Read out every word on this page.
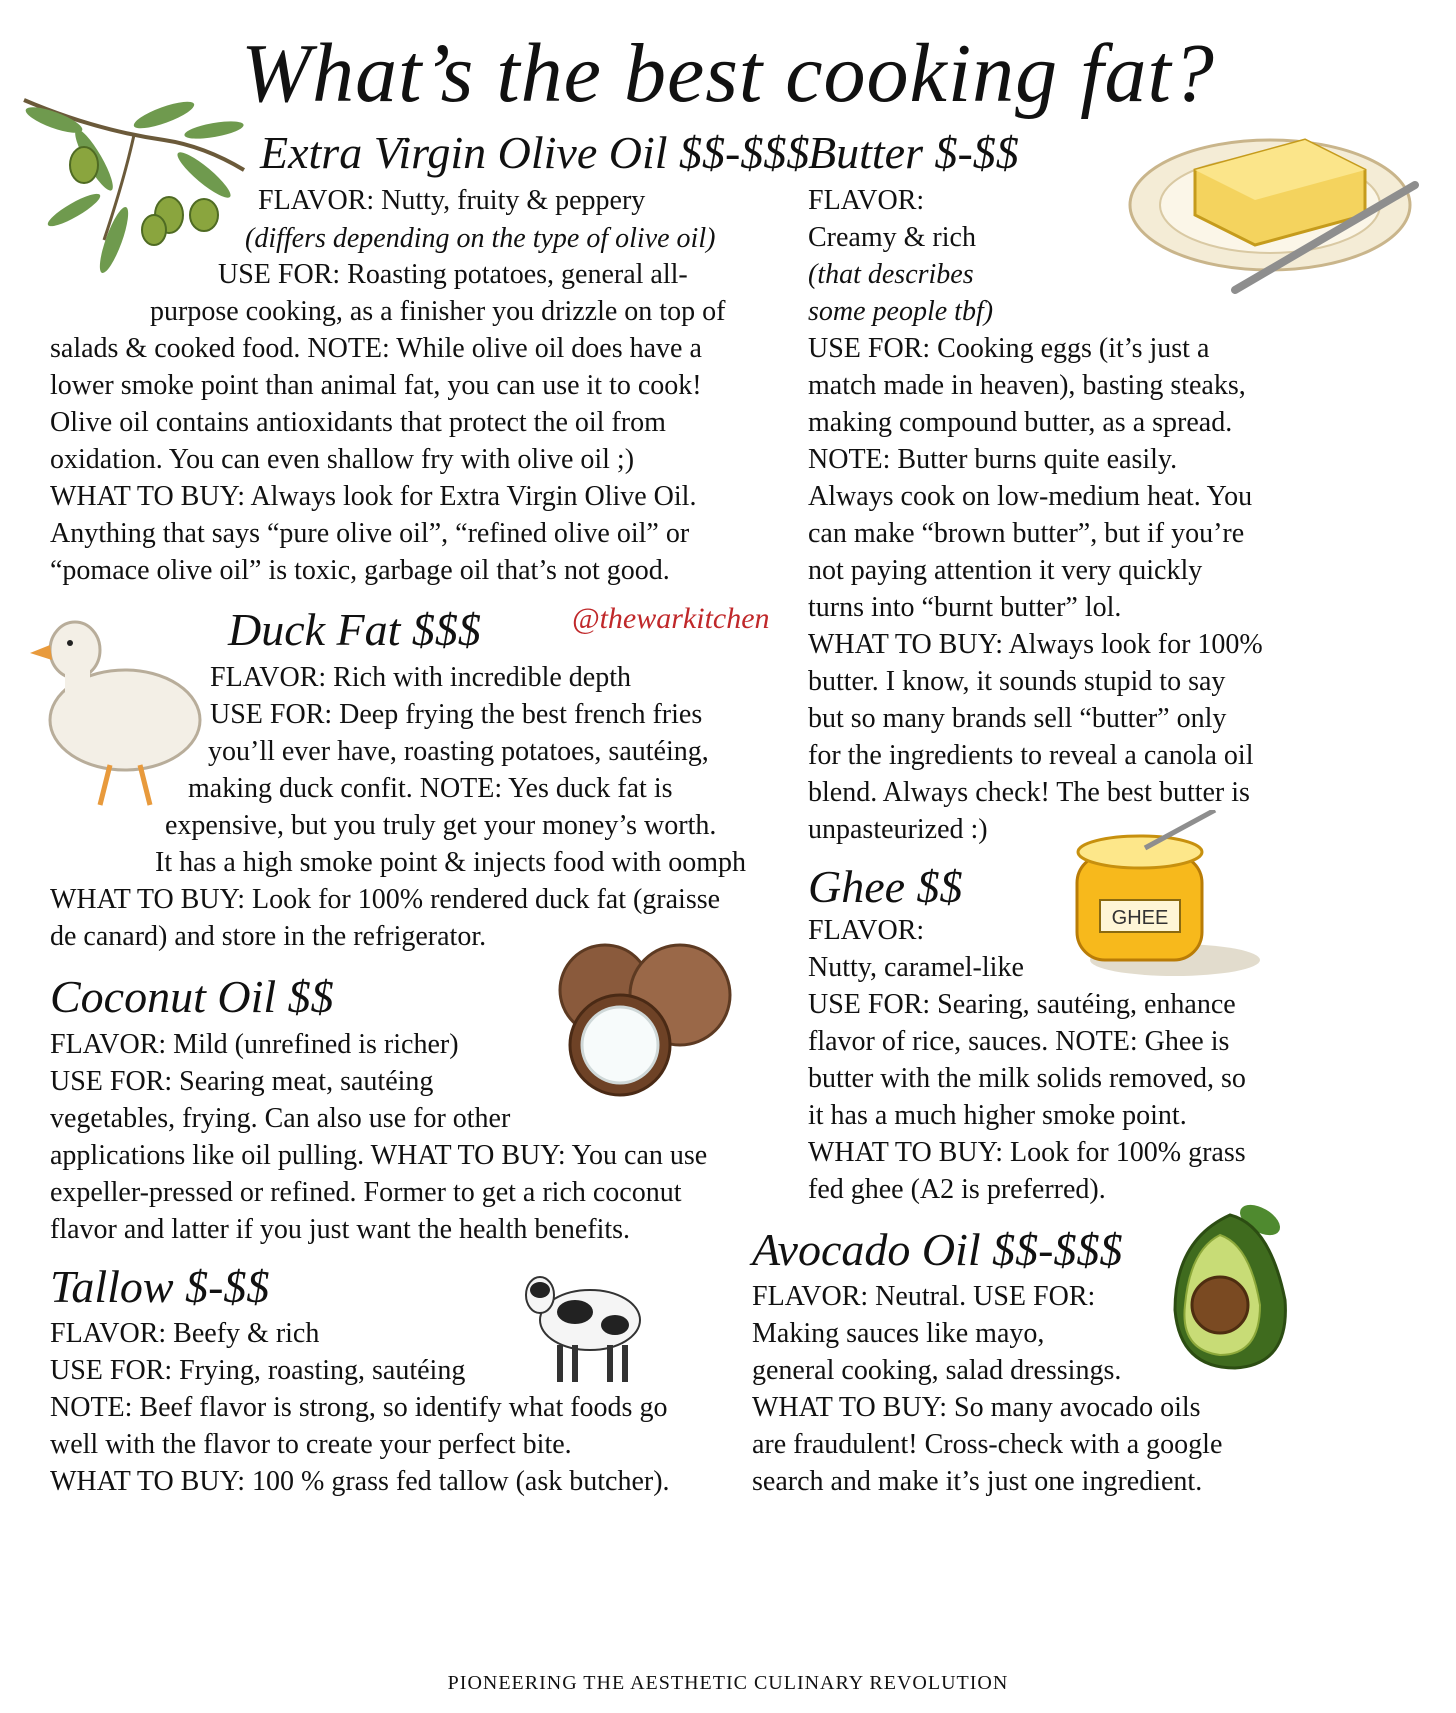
What’s the best cooking fat?
GHEE
Extra Virgin Olive Oil $$-$$$
FLAVOR: Nutty, fruity & peppery
(differs depending on the type of olive oil)
USE FOR: Roasting potatoes, general all-
purpose cooking, as a finisher you drizzle on top of
salads & cooked food. NOTE: While olive oil does have a
lower smoke point than animal fat, you can use it to cook!
Olive oil contains antioxidants that protect the oil from
oxidation. You can even shallow fry with olive oil ;)
WHAT TO BUY: Always look for Extra Virgin Olive Oil.
Anything that says “pure olive oil”, “refined olive oil” or
“pomace olive oil” is toxic, garbage oil that’s not good.
Duck Fat $$$	@thewarkitchen
FLAVOR: Rich with incredible depth
USE FOR: Deep frying the best french fries
you’ll ever have, roasting potatoes, sautéing,
making duck confit. NOTE: Yes duck fat is
expensive, but you truly get your money’s worth.
It has a high smoke point & injects food with oomph
WHAT TO BUY: Look for 100% rendered duck fat (graisse
de canard) and store in the refrigerator.
Coconut Oil $$
FLAVOR: Mild (unrefined is richer)
USE FOR: Searing meat, sautéing
vegetables, frying. Can also use for other
applications like oil pulling. WHAT TO BUY: You can use
expeller-pressed or refined. Former to get a rich coconut
flavor and latter if you just want the health benefits.
Tallow $-$$
FLAVOR: Beefy & rich
USE FOR: Frying, roasting, sautéing
NOTE: Beef flavor is strong, so identify what foods go
well with the flavor to create your perfect bite.
WHAT TO BUY: 100 % grass fed tallow (ask butcher).
Butter $-$$
FLAVOR:
Creamy & rich
(that describes
some people tbf)
USE FOR: Cooking eggs (it’s just a
match made in heaven), basting steaks,
making compound butter, as a spread.
NOTE: Butter burns quite easily.
Always cook on low-medium heat. You
can make “brown butter”, but if you’re
not paying attention it very quickly
turns into “burnt butter” lol.
WHAT TO BUY: Always look for 100%
butter. I know, it sounds stupid to say
but so many brands sell “butter” only
for the ingredients to reveal a canola oil
blend. Always check! The best butter is
unpasteurized :)
Ghee $$
FLAVOR:
Nutty, caramel-like
USE FOR: Searing, sautéing, enhance
flavor of rice, sauces. NOTE: Ghee is
butter with the milk solids removed, so
it has a much higher smoke point.
WHAT TO BUY: Look for 100% grass
fed ghee (A2 is preferred).
Avocado Oil $$-$$$
FLAVOR: Neutral. USE FOR:
Making sauces like mayo,
general cooking, salad dressings.
WHAT TO BUY: So many avocado oils
are fraudulent! Cross-check with a google
search and make it’s just one ingredient.
PIONEERING THE AESTHETIC CULINARY REVOLUTION
